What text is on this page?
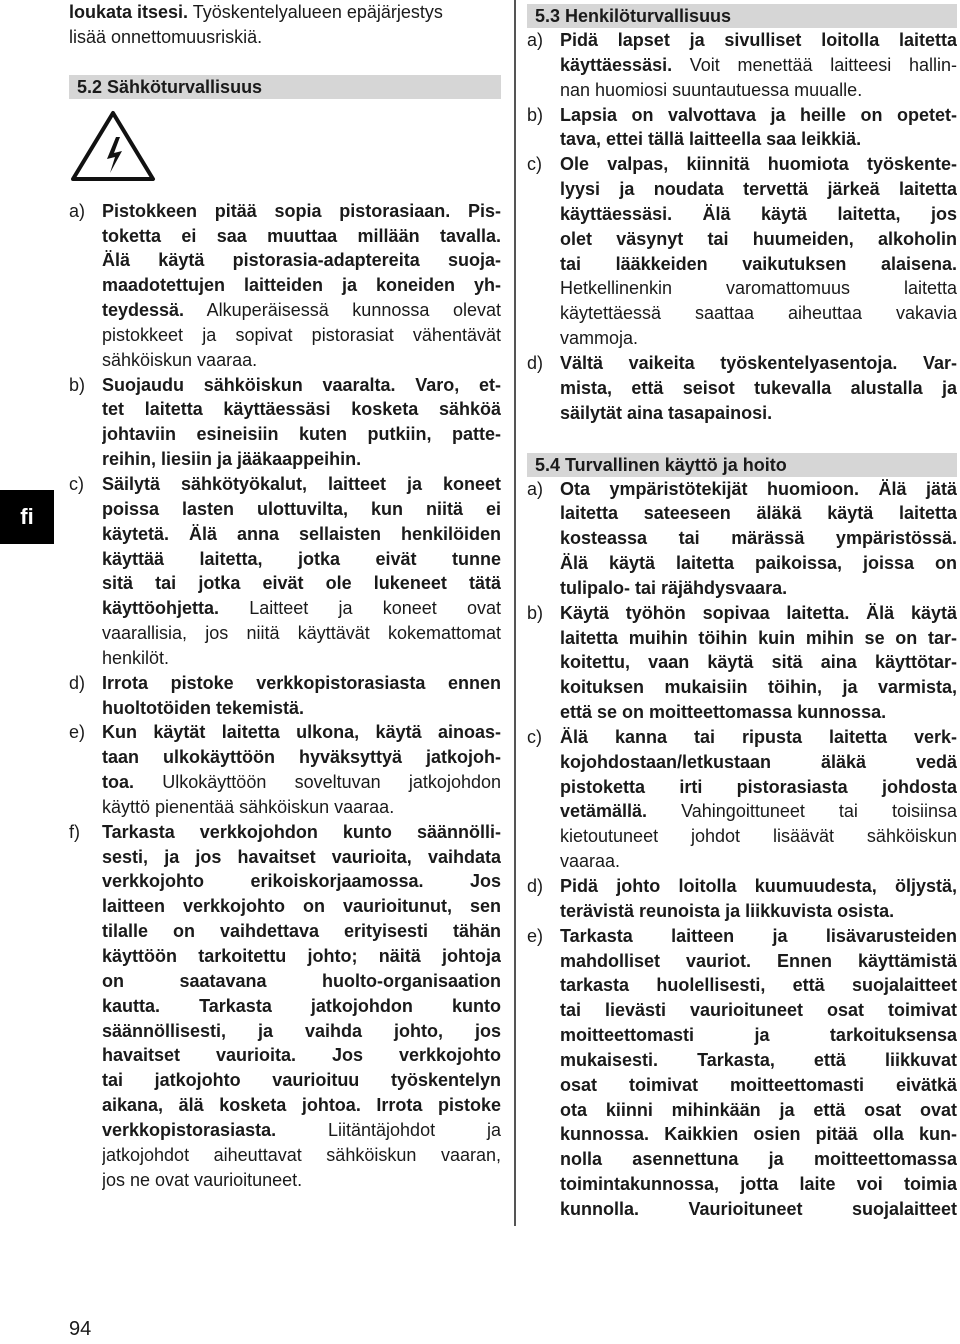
fi
94
loukata itsesi. Työskentelyalueen epäjärjestys
lisää onnettomuusriskiä.
5.2 Sähköturvallisuus
a) Pistokkeen pitää sopia pistorasiaan. Pis-
toketta ei saa muuttaa millään tavalla.
Älä käytä pistorasia-adaptereita suoja-
maadotettujen laitteiden ja koneiden yh-
teydessä. Alkuperäisessä kunnossa olevat
pistokkeet ja sopivat pistorasiat vähentävät
sähköiskun vaaraa.
b) Suojaudu sähköiskun vaaralta. Varo, et-
tet laitetta käyttäessäsi kosketa sähköä
johtaviin esineisiin kuten putkiin, patte-
reihin, liesiin ja jääkaappeihin.
c) Säilytä sähkötyökalut, laitteet ja koneet
poissa lasten ulottuvilta, kun niitä ei
käytetä. Älä anna sellaisten henkilöiden
käyttää laitetta, jotka eivät tunne
sitä tai jotka eivät ole lukeneet tätä
käyttöohjetta. Laitteet ja koneet ovat
vaarallisia, jos niitä käyttävät kokemattomat
henkilöt.
d) Irrota pistoke verkkopistorasiasta ennen
huoltotöiden tekemistä.
e) Kun käytät laitetta ulkona, käytä ainoas-
taan ulkokäyttöön hyväksyttyä jatkojoh-
toa. Ulkokäyttöön soveltuvan jatkojohdon
käyttö pienentää sähköiskun vaaraa.
f) Tarkasta verkkojohdon kunto säännölli-
sesti, ja jos havaitset vaurioita, vaihdata
verkkojohto erikoiskorjaamossa. Jos
laitteen verkkojohto on vaurioitunut, sen
tilalle on vaihdettava erityisesti tähän
käyttöön tarkoitettu johto; näitä johtoja
on saatavana huolto-organisaation
kautta. Tarkasta jatkojohdon kunto
säännöllisesti, ja vaihda johto, jos
havaitset vaurioita. Jos verkkojohto
tai jatkojohto vaurioituu työskentelyn
aikana, älä kosketa johtoa. Irrota pistoke
verkkopistorasiasta. Liitäntäjohdot ja
jatkojohdot aiheuttavat sähköiskun vaaran,
jos ne ovat vaurioituneet.
5.3 Henkilöturvallisuus
a) Pidä lapset ja sivulliset loitolla laitetta
käyttäessäsi. Voit menettää laitteesi hallin-
nan huomiosi suuntautuessa muualle.
b) Lapsia on valvottava ja heille on opetet-
tava, ettei tällä laitteella saa leikkiä.
c) Ole valpas, kiinnitä huomiota työskente-
lyysi ja noudata tervettä järkeä laitetta
käyttäessäsi. Älä käytä laitetta, jos
olet väsynyt tai huumeiden, alkoholin
tai lääkkeiden vaikutuksen alaisena.
Hetkellinenkin varomattomuus laitetta
käytettäessä saattaa aiheuttaa vakavia
vammoja.
d) Vältä vaikeita työskentelyasentoja. Var-
mista, että seisot tukevalla alustalla ja
säilytät aina tasapainosi.
5.4 Turvallinen käyttö ja hoito
a) Ota ympäristötekijät huomioon. Älä jätä
laitetta sateeseen äläkä käytä laitetta
kosteassa tai märässä ympäristössä.
Älä käytä laitetta paikoissa, joissa on
tulipalo- tai räjähdysvaara.
b) Käytä työhön sopivaa laitetta. Älä käytä
laitetta muihin töihin kuin mihin se on tar-
koitettu, vaan käytä sitä aina käyttötar-
koituksen mukaisiin töihin, ja varmista,
että se on moitteettomassa kunnossa.
c) Älä kanna tai ripusta laitetta verk-
kojohdostaan/letkustaan äläkä vedä
pistoketta irti pistorasiasta johdosta
vetämällä. Vahingoittuneet tai toisiinsa
kietoutuneet johdot lisäävät sähköiskun
vaaraa.
d) Pidä johto loitolla kuumuudesta, öljystä,
terävistä reunoista ja liikkuvista osista.
e) Tarkasta laitteen ja lisävarusteiden
mahdolliset vauriot. Ennen käyttämistä
tarkasta huolellisesti, että suojalaitteet
tai lievästi vaurioituneet osat toimivat
moitteettomasti ja tarkoituksensa
mukaisesti. Tarkasta, että liikkuvat
osat toimivat moitteettomasti eivätkä
ota kiinni mihinkään ja että osat ovat
kunnossa. Kaikkien osien pitää olla kun-
nolla asennettuna ja moitteettomassa
toimintakunnossa, jotta laite voi toimia
kunnolla. Vaurioituneet suojalaitteet
